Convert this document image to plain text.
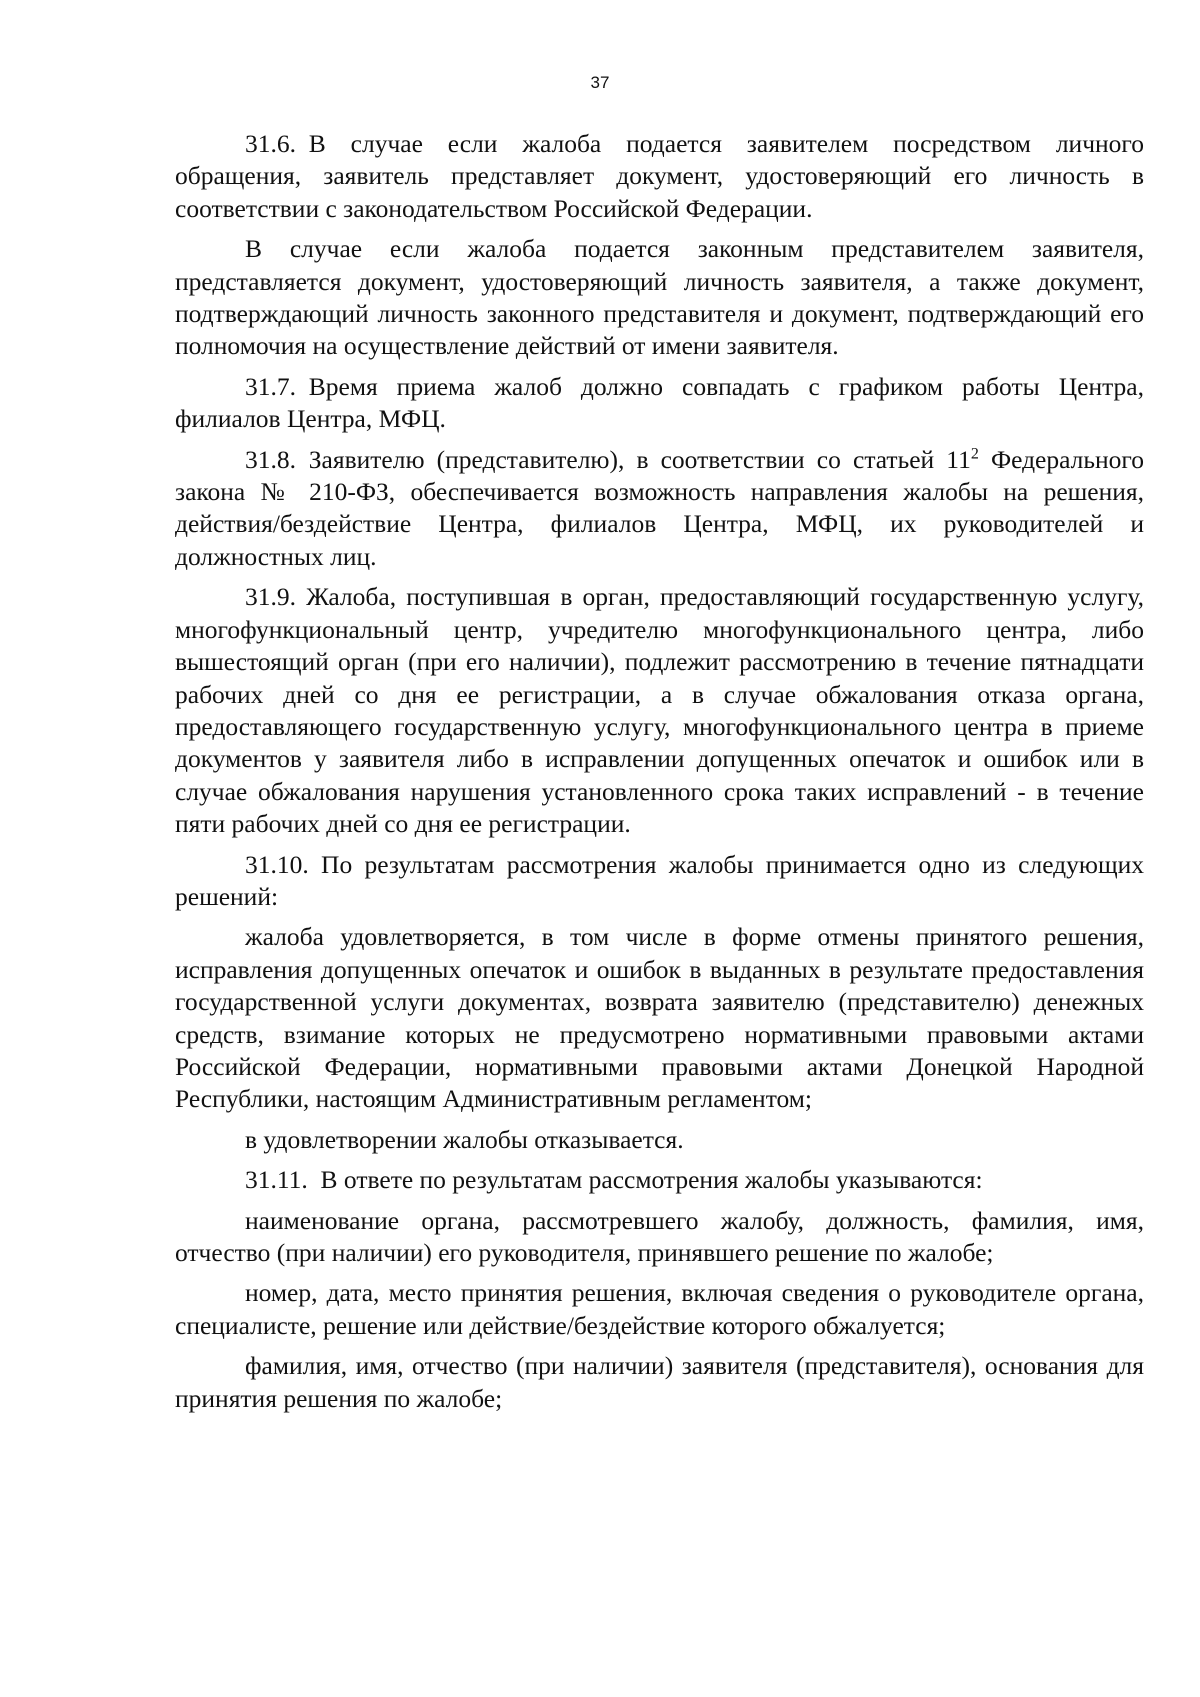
37

31.6. В случае если жалоба подается заявителем посредством личного обращения, заявитель представляет документ, удостоверяющий его личность в соответствии с законодательством Российской Федерации.

В случае если жалоба подается законным представителем заявителя, представляется документ, удостоверяющий личность заявителя, а также документ, подтверждающий личность законного представителя и документ, подтверждающий его полномочия на осуществление действий от имени заявителя.

31.7. Время приема жалоб должно совпадать с графиком работы Центра, филиалов Центра, МФЦ.

31.8. Заявителю (представителю), в соответствии со статьей $11^2$ Федерального закона № 210-ФЗ, обеспечивается возможность направления жалобы на решения, действия/бездействие Центра, филиалов Центра, МФЦ, их руководителей и должностных лиц.

31.9. Жалоба, поступившая в орган, предоставляющий государственную услугу, многофункциональный центр, учредителю многофункционального центра, либо вышестоящий орган (при его наличии), подлежит рассмотрению в течение пятнадцати рабочих дней со дня ее регистрации, а в случае обжалования отказа органа, предоставляющего государственную услугу, многофункционального центра в приеме документов у заявителя либо в исправлении допущенных опечаток и ошибок или в случае обжалования нарушения установленного срока таких исправлений - в течение пяти рабочих дней со дня ее регистрации.

31.10. По результатам рассмотрения жалобы принимается одно из следующих решений:

жалоба удовлетворяется, в том числе в форме отмены принятого решения, исправления допущенных опечаток и ошибок в выданных в результате предоставления государственной услуги документах, возврата заявителю (представителю) денежных средств, взимание которых не предусмотрено нормативными правовыми актами Российской Федерации, нормативными правовыми актами Донецкой Народной Республики, настоящим Административным регламентом;

в удовлетворении жалобы отказывается.

31.11. В ответе по результатам рассмотрения жалобы указываются:

наименование органа, рассмотревшего жалобу, должность, фамилия, имя, отчество (при наличии) его руководителя, принявшего решение по жалобе;

номер, дата, место принятия решения, включая сведения о руководителе органа, специалисте, решение или действие/бездействие которого обжалуется;

фамилия, имя, отчество (при наличии) заявителя (представителя), основания для принятия решения по жалобе;
